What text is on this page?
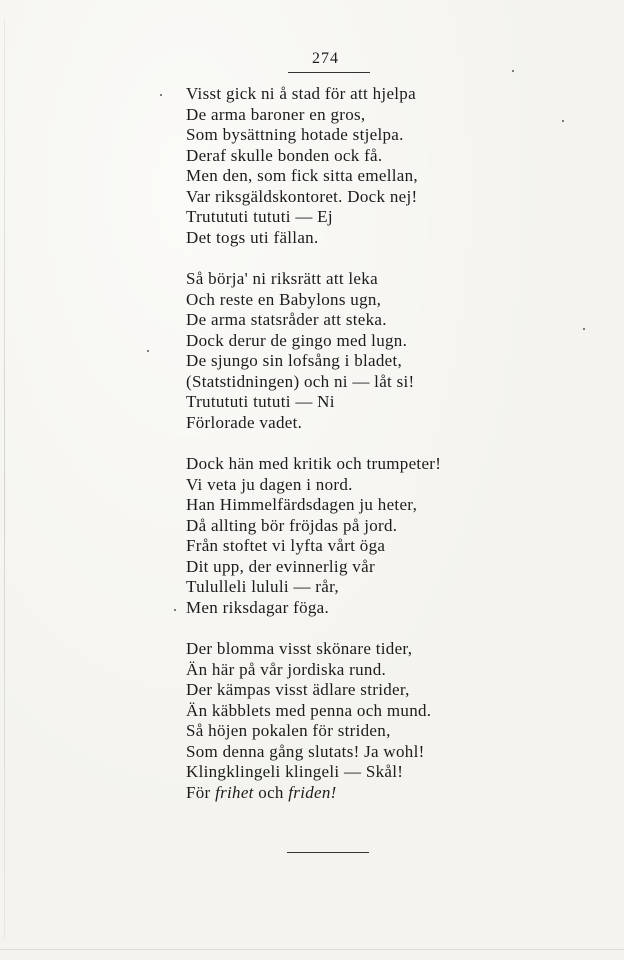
274
Visst gick ni å stad för att hjelpa
De arma baroner en gros,
Som bysättning hotade stjelpa.
Deraf skulle bonden ock få.
Men den, som fick sitta emellan,
Var riksgäldskontoret. Dock nej!
Trutututi tututi — Ej
Det togs uti fällan.
Så börja' ni riksrätt att leka
Och reste en Babylons ugn,
De arma statsråder att steka.
Dock derur de gingo med lugn.
De sjungo sin lofsång i bladet,
(Statstidningen) och ni — låt si!
Trutututi tututi — Ni
Förlorade vadet.
Dock hän med kritik och trumpeter!
Vi veta ju dagen i nord.
Han Himmelfärdsdagen ju heter,
Då allting bör fröjdas på jord.
Från stoftet vi lyfta vårt öga
Dit upp, der evinnerlig vår
Tululleli lululi — rår,
Men riksdagar föga.
Der blomma visst skönare tider,
Än här på vår jordiska rund.
Der kämpas visst ädlare strider,
Än käbblets med penna och mund.
Så höjen pokalen för striden,
Som denna gång slutats! Ja wohl!
Klingklingeli klingeli — Skål!
För frihet och friden!
